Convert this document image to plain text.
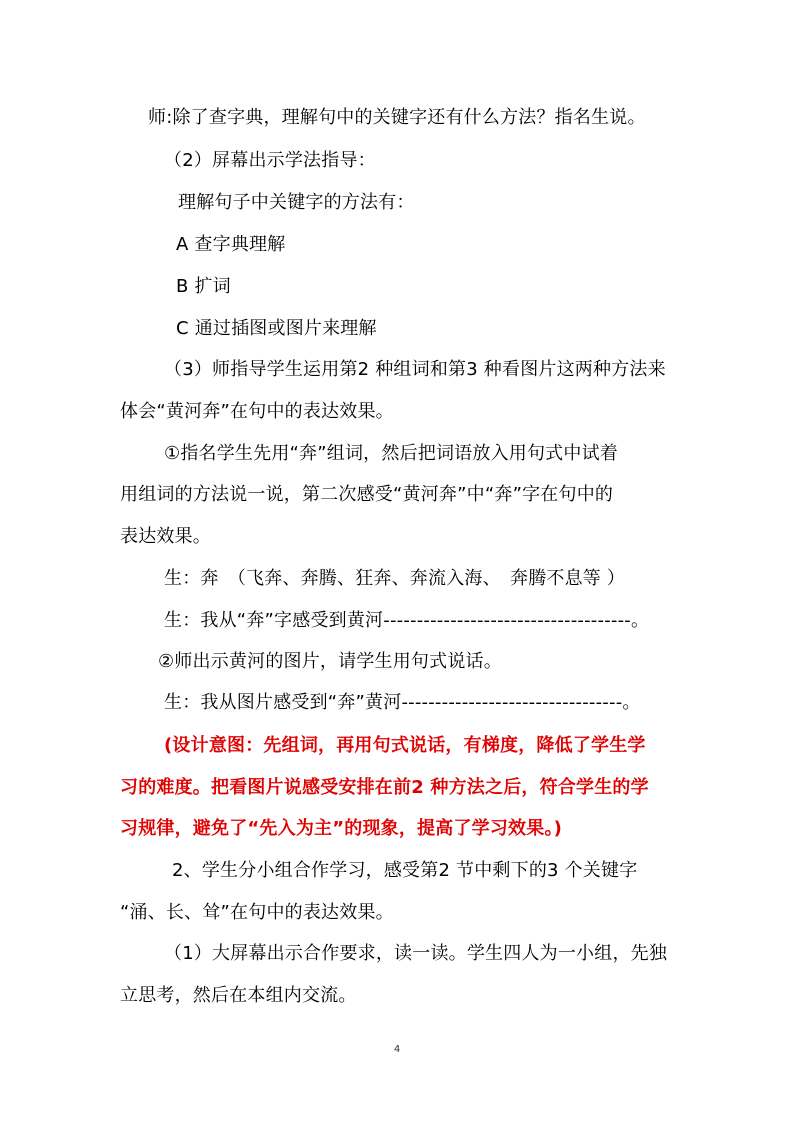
师:除了查字典，理解句中的关键字还有什么方法？指名生说。
（2）屏幕出示学法指导：
理解句子中关键字的方法有：
A 查字典理解
B 扩词
C 通过插图或图片来理解
（3）师指导学生运用第2 种组词和第3 种看图片这两种方法来
体会“黄河奔”在句中的表达效果。
①指名学生先用“奔”组词，然后把词语放入用句式中试着
用组词的方法说一说，第二次感受“黄河奔”中“奔”字在句中的
表达效果。
生：奔　（飞奔、奔腾、狂奔、奔流入海、　奔腾不息等 ）
生：我从“奔”字感受到黄河-------------------------------------。
②师出示黄河的图片，请学生用句式说话。
生：我从图片感受到“奔”黄河---------------------------------。
(设计意图：先组词，再用句式说话，有梯度，降低了学生学
习的难度。把看图片说感受安排在前2 种方法之后，符合学生的学
习规律，避免了“先入为主”的现象，提高了学习效果。)
2、学生分小组合作学习，感受第2 节中剩下的3 个关键字
“涌、长、耸”在句中的表达效果。
（1）大屏幕出示合作要求，读一读。学生四人为一小组，先独
立思考，然后在本组内交流。
4
